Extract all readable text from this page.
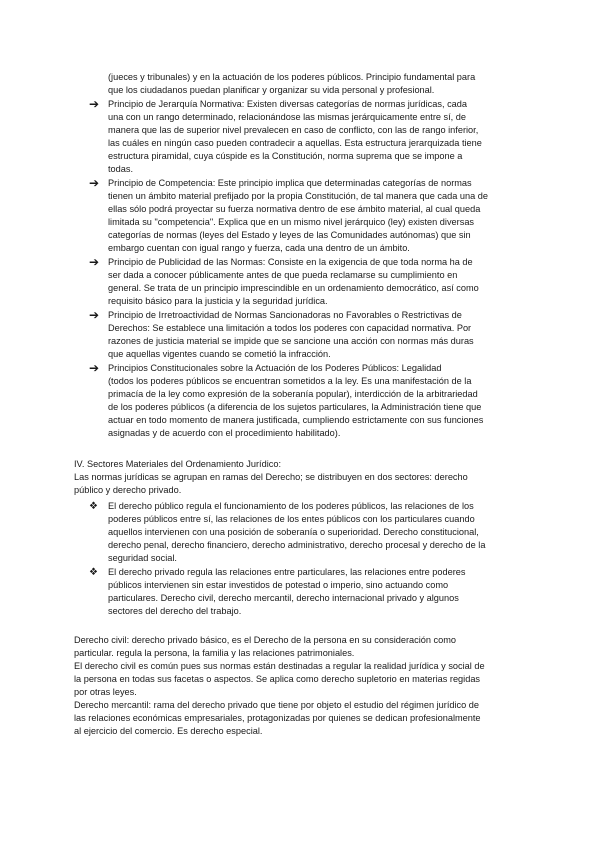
(jueces y tribunales) y en la actuación de los poderes públicos. Principio fundamental para
que los ciudadanos puedan planificar y organizar su vida personal y profesional.
➔ Principio de Jerarquía Normativa: Existen diversas categorías de normas jurídicas, cada
una con un rango determinado, relacionándose las mismas jerárquicamente entre sí, de
manera que las de superior nivel prevalecen en caso de conflicto, con las de rango inferior,
las cuáles en ningún caso pueden contradecir a aquellas. Esta estructura jerarquizada tiene
estructura piramidal, cuya cúspide es la Constitución, norma suprema que se impone a
todas.
➔ Principio de Competencia: Este principio implica que determinadas categorías de normas
tienen un ámbito material prefijado por la propia Constitución, de tal manera que cada una de
ellas sólo podrá proyectar su fuerza normativa dentro de ese ámbito material, al cual queda
limitada su "competencia". Explica que en un mismo nivel jerárquico (ley) existen diversas
categorías de normas (leyes del Estado y leyes de las Comunidades autónomas) que sin
embargo cuentan con igual rango y fuerza, cada una dentro de un ámbito.
➔ Principio de Publicidad de las Normas: Consiste en la exigencia de que toda norma ha de
ser dada a conocer públicamente antes de que pueda reclamarse su cumplimiento en
general. Se trata de un principio imprescindible en un ordenamiento democrático, así como
requisito básico para la justicia y la seguridad jurídica.
➔ Principio de Irretroactividad de Normas Sancionadoras no Favorables o Restrictivas de
Derechos: Se establece una limitación a todos los poderes con capacidad normativa. Por
razones de justicia material se impide que se sancione una acción con normas más duras
que aquellas vigentes cuando se cometió la infracción.
➔ Principios Constitucionales sobre la Actuación de los Poderes Públicos: Legalidad
(todos los poderes públicos se encuentran sometidos a la ley. Es una manifestación de la
primacía de la ley como expresión de la soberanía popular), interdicción de la arbitrariedad
de los poderes públicos (a diferencia de los sujetos particulares, la Administración tiene que
actuar en todo momento de manera justificada, cumpliendo estrictamente con sus funciones
asignadas y de acuerdo con el procedimiento habilitado).
IV. Sectores Materiales del Ordenamiento Jurídico:
Las normas jurídicas se agrupan en ramas del Derecho; se distribuyen en dos sectores: derecho
público y derecho privado.
❖ El derecho público regula el funcionamiento de los poderes públicos, las relaciones de los
poderes públicos entre sí, las relaciones de los entes públicos con los particulares cuando
aquellos intervienen con una posición de soberanía o superioridad. Derecho constitucional,
derecho penal, derecho financiero, derecho administrativo, derecho procesal y derecho de la
seguridad social.
❖ El derecho privado regula las relaciones entre particulares, las relaciones entre poderes
públicos intervienen sin estar investidos de potestad o imperio, sino actuando como
particulares. Derecho civil, derecho mercantil, derecho internacional privado y algunos
sectores del derecho del trabajo.
Derecho civil: derecho privado básico, es el Derecho de la persona en su consideración como
particular. regula la persona, la familia y las relaciones patrimoniales.
El derecho civil es común pues sus normas están destinadas a regular la realidad jurídica y social de
la persona en todas sus facetas o aspectos. Se aplica como derecho supletorio en materias regidas
por otras leyes.
Derecho mercantil: rama del derecho privado que tiene por objeto el estudio del régimen jurídico de
las relaciones económicas empresariales, protagonizadas por quienes se dedican profesionalmente
al ejercicio del comercio. Es derecho especial.
